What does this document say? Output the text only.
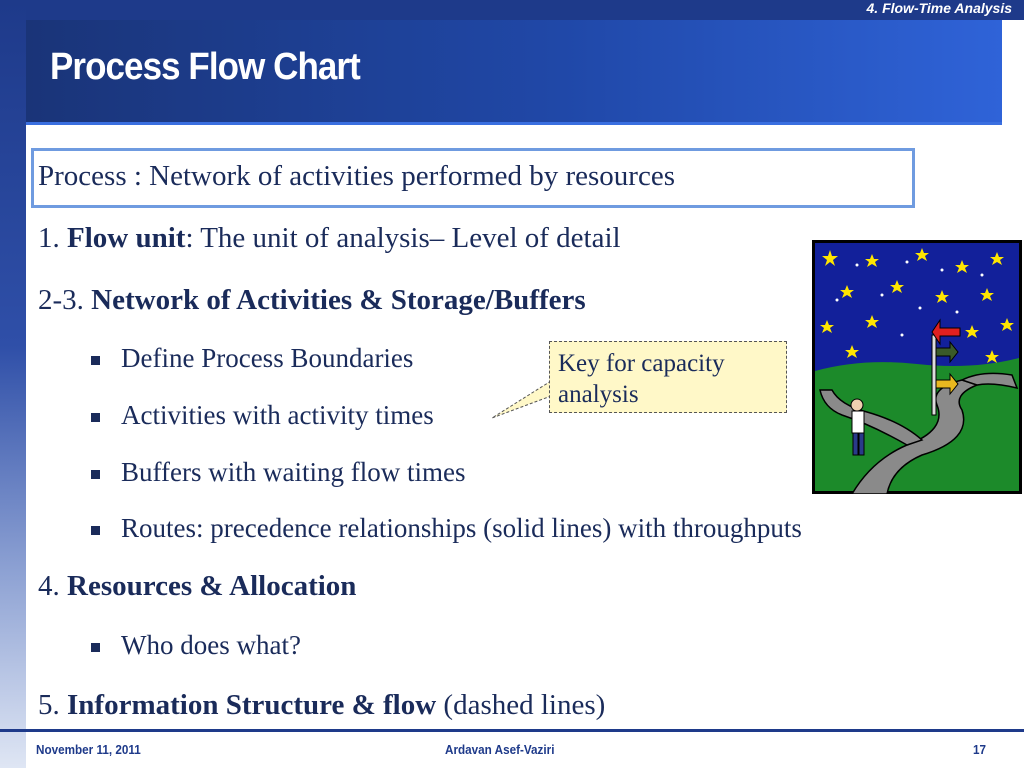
4. Flow-Time Analysis
Process Flow Chart
Process : Network of activities performed by resources
1. Flow unit: The unit of analysis– Level of detail
2-3. Network of Activities & Storage/Buffers
Define Process Boundaries
Activities with activity times
Buffers with waiting flow times
Routes: precedence relationships (solid lines) with throughputs
4. Resources & Allocation
Who does what?
5. Information Structure & flow (dashed lines)
Key for capacity
analysis
November 11, 2011	Ardavan Asef-Vaziri	17
